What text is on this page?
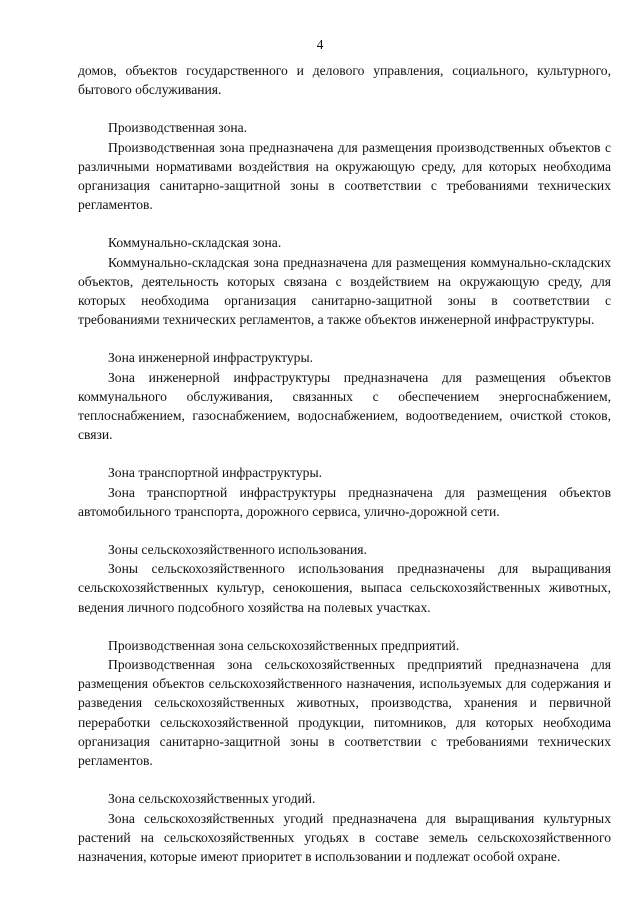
4

домов, объектов государственного и делового управления, социального, культурного, бытового обслуживания.

Производственная зона.

Производственная зона предназначена для размещения производственных объектов с различными нормативами воздействия на окружающую среду, для которых необходима организация санитарно-защитной зоны в соответствии с требованиями технических регламентов.

Коммунально-складская зона.

Коммунально-складская зона предназначена для размещения коммунально-складских объектов, деятельность которых связана с воздействием на окружающую среду, для которых необходима организация санитарно-защитной зоны в соответствии с требованиями технических регламентов, а также объектов инженерной инфраструктуры.

Зона инженерной инфраструктуры.

Зона инженерной инфраструктуры предназначена для размещения объектов коммунального обслуживания, связанных с обеспечением энергоснабжением, теплоснабжением, газоснабжением, водоснабжением, водоотведением, очисткой стоков, связи.

Зона транспортной инфраструктуры.

Зона транспортной инфраструктуры предназначена для размещения объектов автомобильного транспорта, дорожного сервиса, улично-дорожной сети.

Зоны сельскохозяйственного использования.

Зоны сельскохозяйственного использования предназначены для выращивания сельскохозяйственных культур, сенокошения, выпаса сельскохозяйственных животных, ведения личного подсобного хозяйства на полевых участках.

Производственная зона сельскохозяйственных предприятий.

Производственная зона сельскохозяйственных предприятий предназначена для размещения объектов сельскохозяйственного назначения, используемых для содержания и разведения сельскохозяйственных животных, производства, хранения и первичной переработки сельскохозяйственной продукции, питомников, для которых необходима организация санитарно-защитной зоны в соответствии с требованиями технических регламентов.

Зона сельскохозяйственных угодий.

Зона сельскохозяйственных угодий предназначена для выращивания культурных растений на сельскохозяйственных угодьях в составе земель сельскохозяйственного назначения, которые имеют приоритет в использовании и подлежат особой охране.
